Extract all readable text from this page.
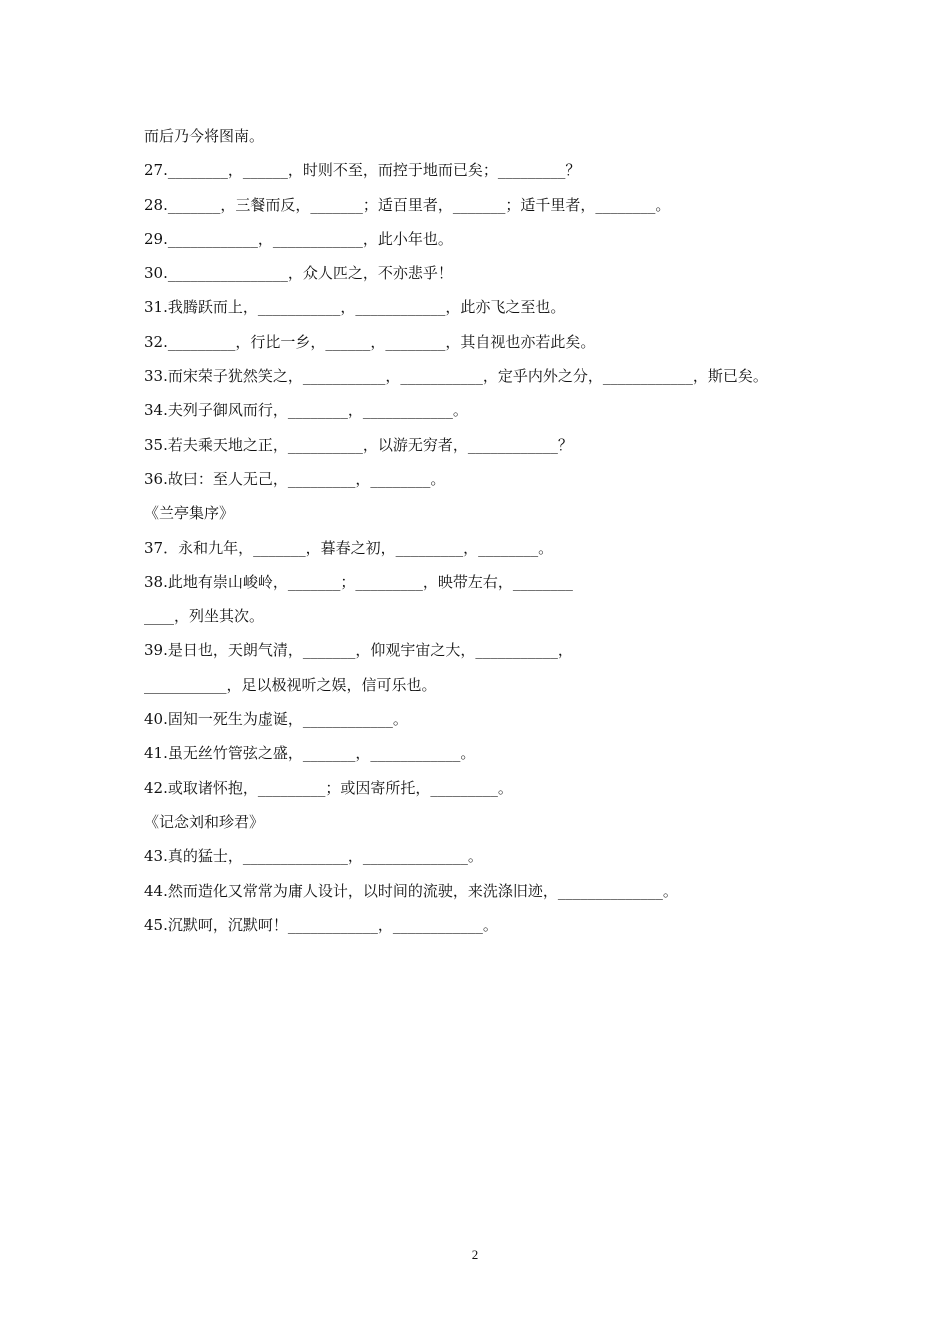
而后乃今将图南。
27.________，______，时则不至，而控于地而已矣；_________？
28._______，三餐而反，_______；适百里者，_______；适千里者，________。
29.____________，____________，此小年也。
30.________________，众人匹之，不亦悲乎！
31.我腾跃而上，___________，____________，此亦飞之至也。
32._________，行比一乡，______，________，其自视也亦若此矣。
33.而宋荣子犹然笑之，___________，___________，定乎内外之分，____________，斯已矣。
34.夫列子御风而行，________，____________。
35.若夫乘天地之正，__________，以游无穷者，____________？
36.故曰：至人无己，_________，________。
《兰亭集序》
37．永和九年，_______，暮春之初，_________，________。
38.此地有崇山峻岭，_______；_________，映带左右，________
____，列坐其次。
39.是日也，天朗气清，_______，仰观宇宙之大，___________，
___________，足以极视听之娱，信可乐也。
40.固知一死生为虚诞，____________。
41.虽无丝竹管弦之盛，_______，____________。
42.或取诸怀抱，_________；或因寄所托，_________。
《记念刘和珍君》
43.真的猛士，______________，______________。
44.然而造化又常常为庸人设计，以时间的流驶，来洗涤旧迹，______________。
45.沉默呵，沉默呵！____________，____________。
2
